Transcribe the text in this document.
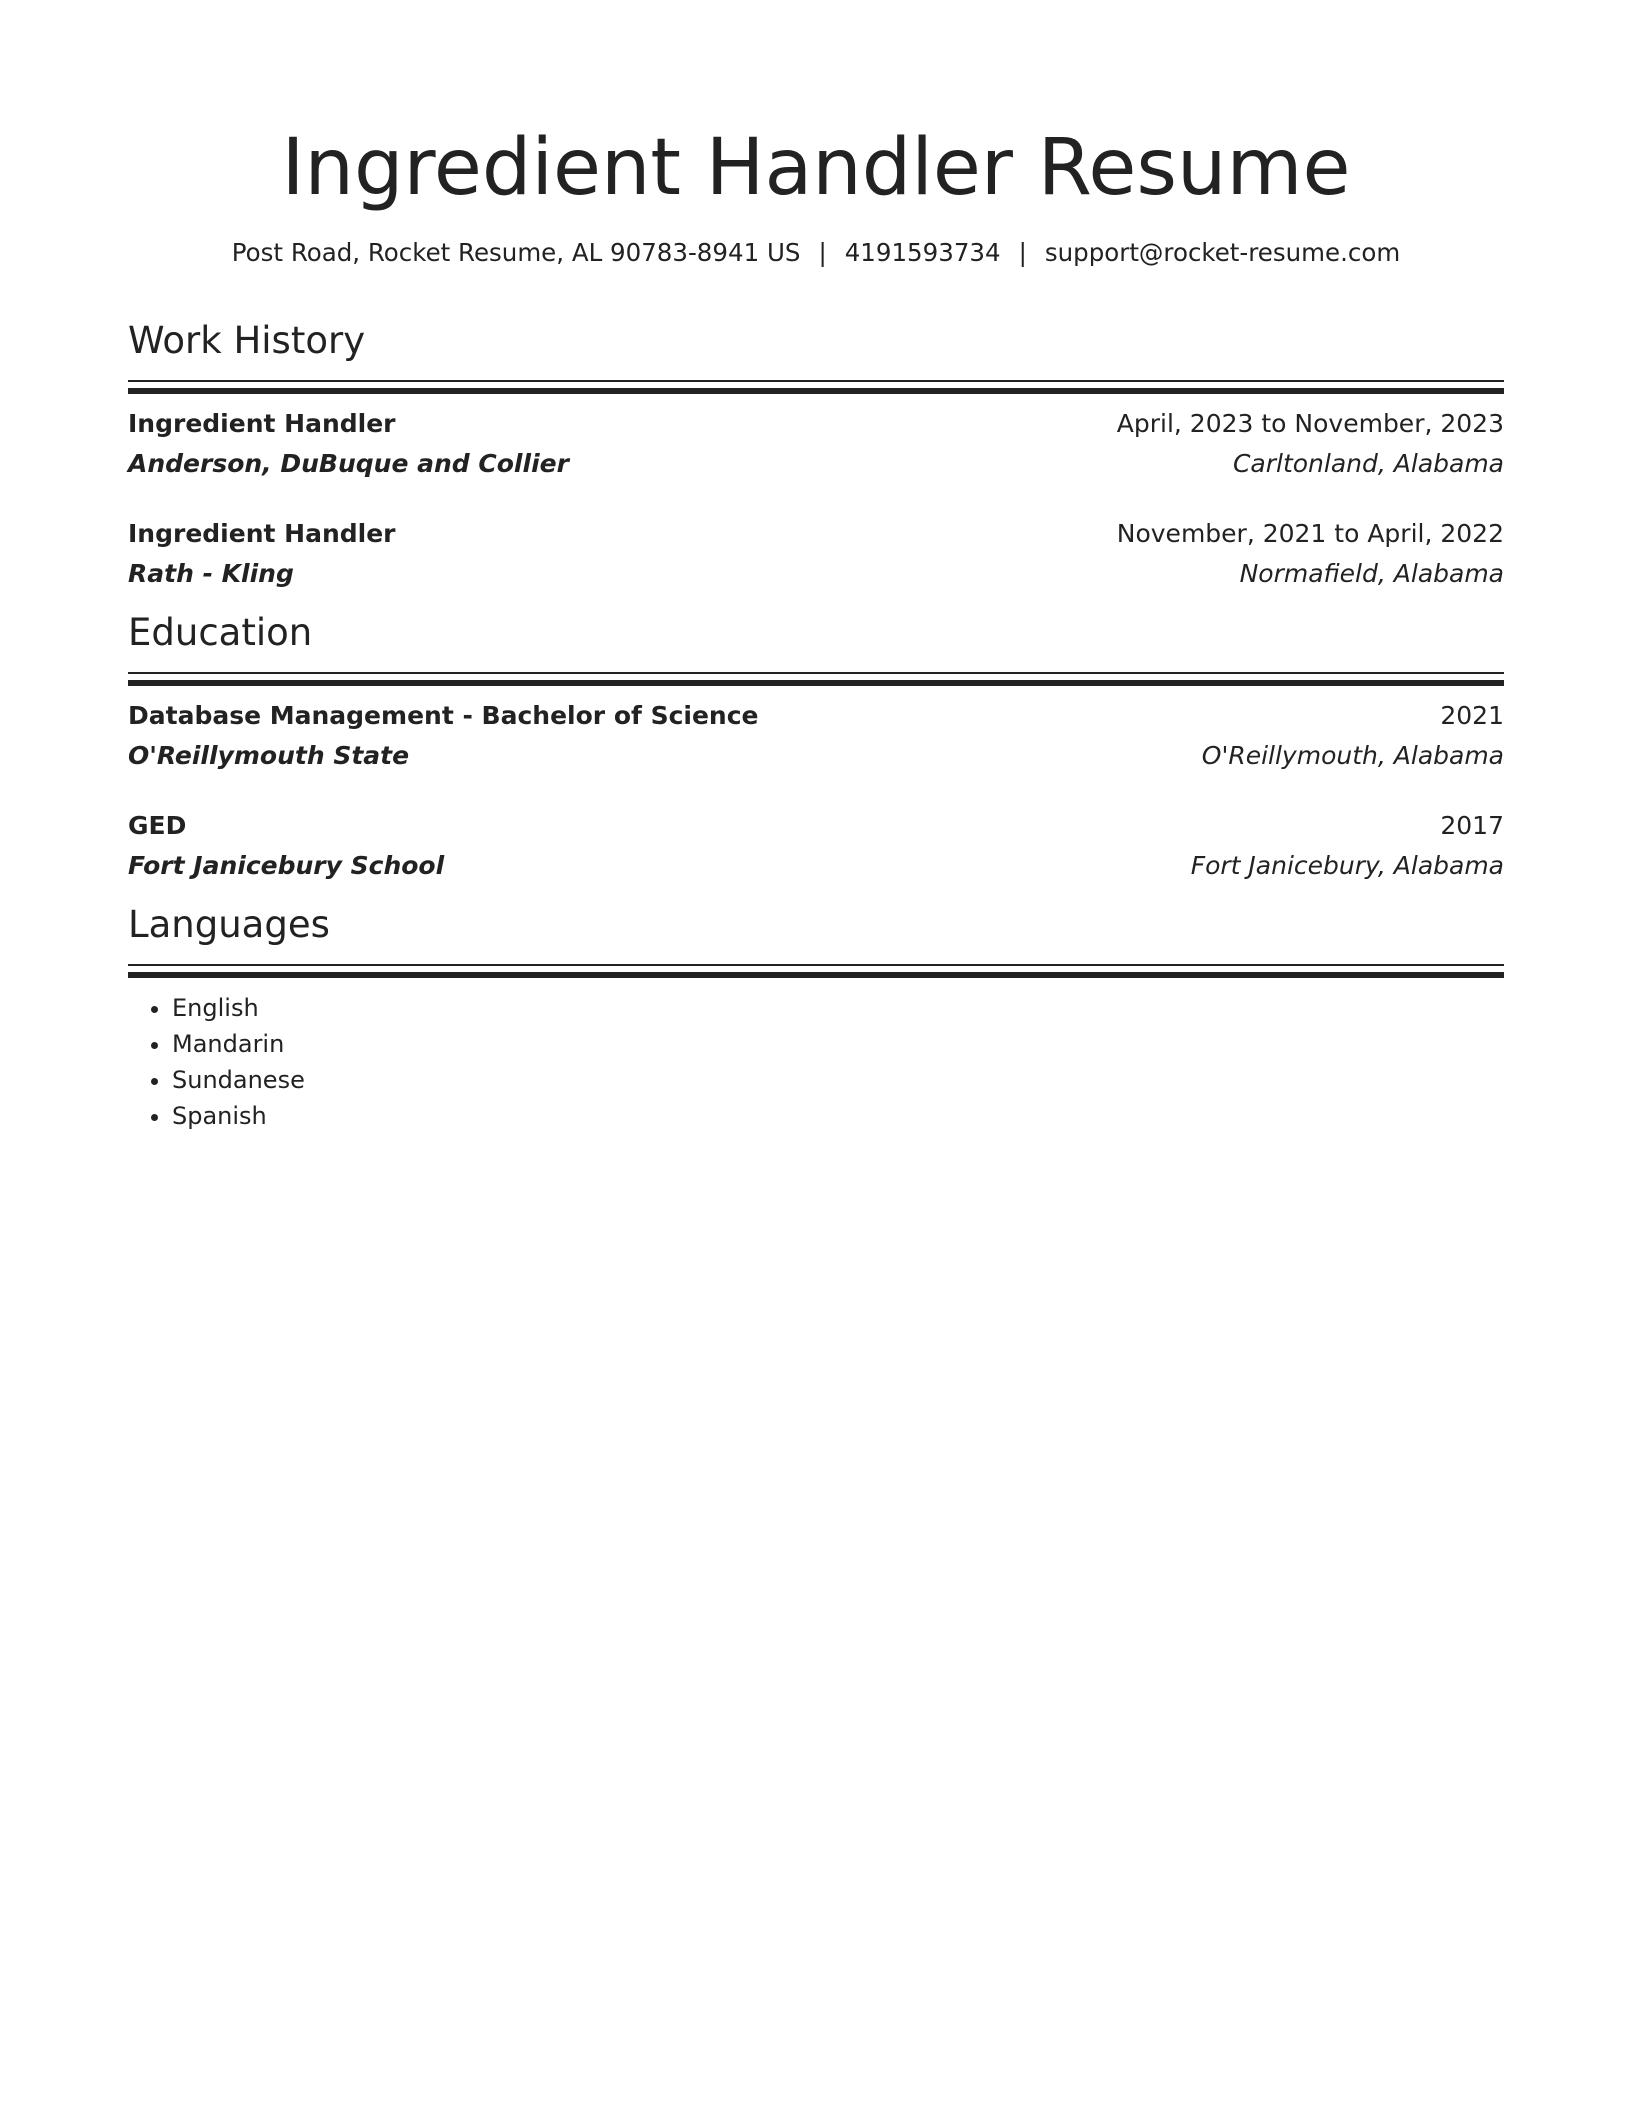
Ingredient Handler Resume
Post Road, Rocket Resume, AL 90783-8941 US | 4191593734 | support@rocket-resume.com
Work History
Ingredient Handler	April, 2023 to November, 2023
Anderson, DuBuque and Collier	Carltonland, Alabama
Ingredient Handler	November, 2021 to April, 2022
Rath - Kling	Normafield, Alabama
Education
Database Management - Bachelor of Science	2021
O'Reillymouth State	O'Reillymouth, Alabama
GED	2017
Fort Janicebury School	Fort Janicebury, Alabama
Languages
• English
• Mandarin
• Sundanese
• Spanish
